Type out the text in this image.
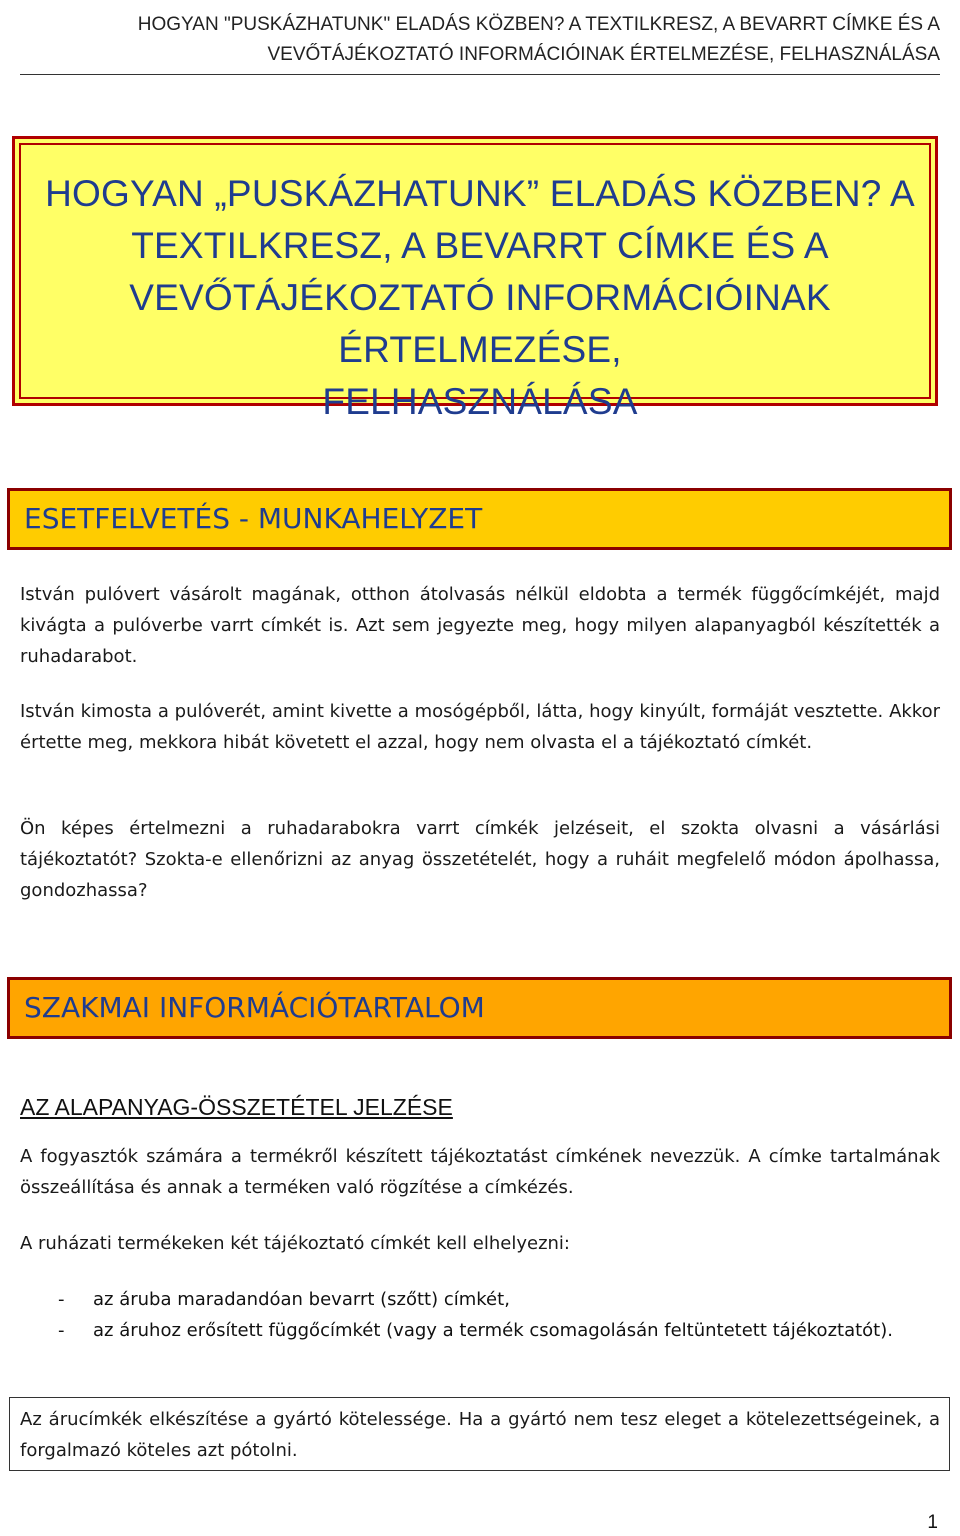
HOGYAN "PUSKÁZHATUNK" ELADÁS KÖZBEN? A TEXTILKRESZ, A BEVARRT CÍMKE ÉS A
VEVŐTÁJÉKOZTATÓ INFORMÁCIÓINAK ÉRTELMEZÉSE, FELHASZNÁLÁSA
HOGYAN „PUSKÁZHATUNK” ELADÁS KÖZBEN? A
TEXTILKRESZ, A BEVARRT CÍMKE ÉS A
VEVŐTÁJÉKOZTATÓ INFORMÁCIÓINAK ÉRTELMEZÉSE,
FELHASZNÁLÁSA
ESETFELVETÉS - MUNKAHELYZET

István pulóvert vásárolt magának, otthon átolvasás nélkül eldobta a termék függőcímkéjét, majd kivágta a pulóverbe varrt címkét is. Azt sem jegyezte meg, hogy milyen alapanyagból készítették a ruhadarabot.

István kimosta a pulóverét, amint kivette a mosógépből, látta, hogy kinyúlt, formáját vesztette. Akkor értette meg, mekkora hibát követett el azzal, hogy nem olvasta el a tájékoztató címkét.

Ön képes értelmezni a ruhadarabokra varrt címkék jelzéseit, el szokta olvasni a vásárlási tájékoztatót? Szokta-e ellenőrizni az anyag összetételét, hogy a ruháit megfelelő módon ápolhassa, gondozhassa?

SZAKMAI INFORMÁCIÓTARTALOM
AZ ALAPANYAG-ÖSSZETÉTEL JELZÉSE

A fogyasztók számára a termékről készített tájékoztatást címkének nevezzük. A címke tartalmának összeállítása és annak a terméken való rögzítése a címkézés.

A ruházati termékeken két tájékoztató címkét kell elhelyezni:

- az áruba maradandóan bevarrt (szőtt) címkét,
- az áruhoz erősített függőcímkét (vagy a termék csomagolásán feltüntetett tájékoztatót).

Az árucímkék elkészítése a gyártó kötelessége. Ha a gyártó nem tesz eleget a kötelezettségeinek, a forgalmazó köteles azt pótolni.

1
